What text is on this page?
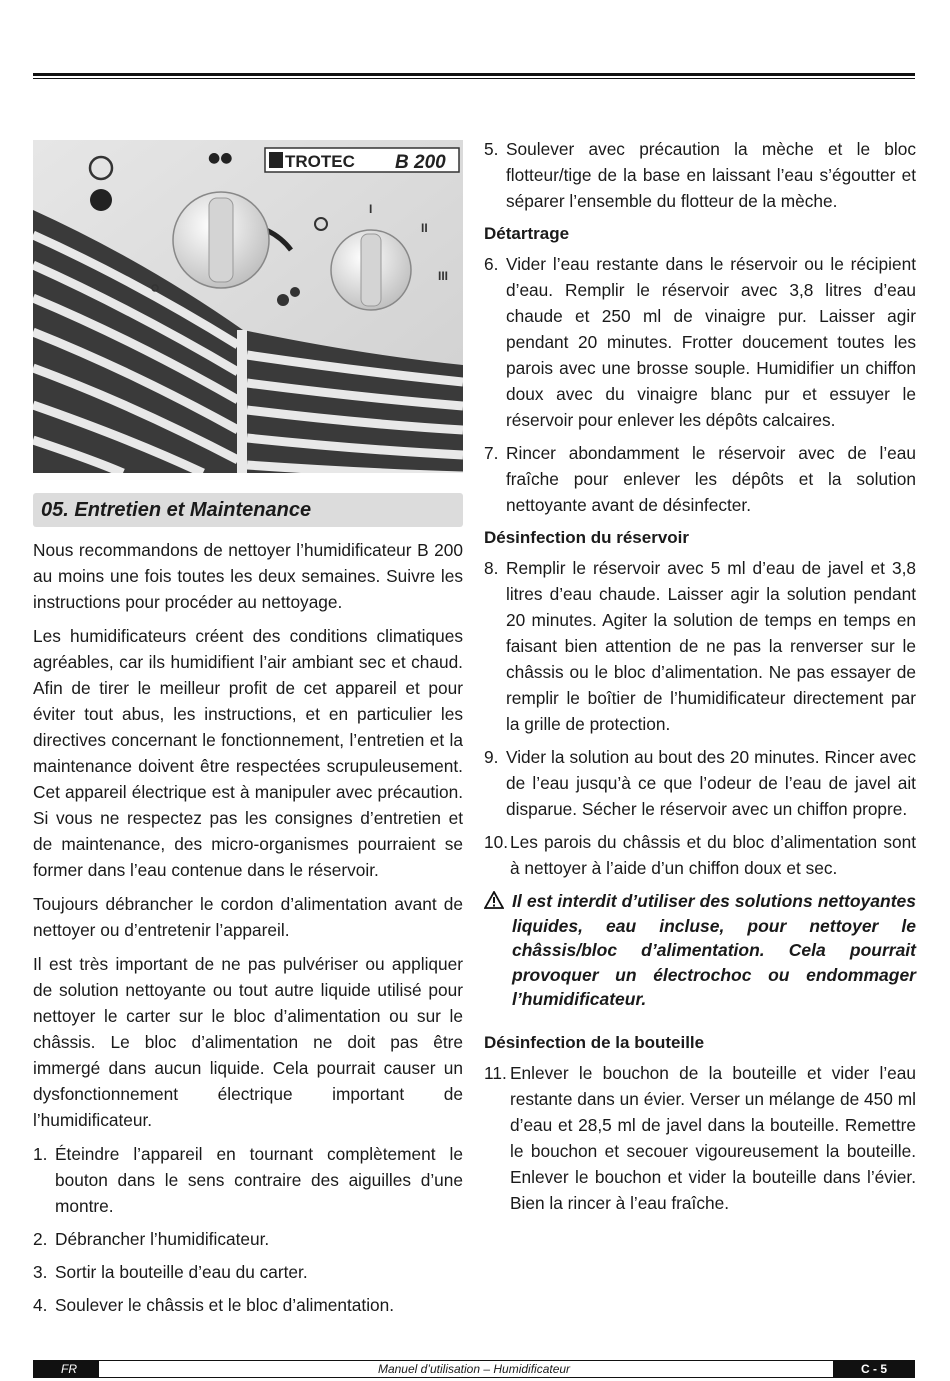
●●	TROTEC B 200
I
II
III
05. Entretien et Maintenance

Nous recommandons de nettoyer l’humidificateur B 200 au moins une fois toutes les deux semaines. Suivre les instructions pour procéder au nettoyage.

Les humidificateurs créent des conditions climatiques agréables, car ils humidifient l’air ambiant sec et chaud. Afin de tirer le meilleur profit de cet appareil et pour éviter tout abus, les instructions, et en particulier les directives concernant le fonctionnement, l’entretien et la maintenance doivent être respectées scrupuleusement. Cet appareil électrique est à manipuler avec précaution. Si vous ne respectez pas les consignes d’entretien et de maintenance, des micro-organismes pourraient se former dans l’eau contenue dans le réservoir.

Toujours débrancher le cordon d’alimentation avant de nettoyer ou d’entretenir l’appareil.

Il est très important de ne pas pulvériser ou appliquer de solution nettoyante ou tout autre liquide utilisé pour nettoyer le carter sur le bloc d’alimentation ou sur le châssis. Le bloc d’alimentation ne doit pas être immergé dans aucun liquide. Cela pourrait causer un dysfonctionnement électrique important de l’humidificateur.

1. Éteindre l’appareil en tournant complètement le bouton dans le sens contraire des aiguilles d’une montre.
2. Débrancher l’humidificateur.
3. Sortir la bouteille d’eau du carter.
4. Soulever le châssis et le bloc d’alimentation.
5. Soulever avec précaution la mèche et le bloc flotteur/tige de la base en laissant l’eau s’égoutter et séparer l’ensemble du flotteur de la mèche.
Détartrage
6. Vider l’eau restante dans le réservoir ou le récipient d’eau. Remplir le réservoir avec 3,8 litres d’eau chaude et 250 ml de vinaigre pur. Laisser agir pendant 20 minutes. Frotter doucement toutes les parois avec une brosse souple. Humidifier un chiffon doux avec du vinaigre blanc pur et essuyer le réservoir pour enlever les dépôts calcaires.
7. Rincer abondamment le réservoir avec de l’eau fraîche pour enlever les dépôts et la solution nettoyante avant de désinfecter.
Désinfection du réservoir
8. Remplir le réservoir avec 5 ml d’eau de javel et 3,8 litres d’eau chaude. Laisser agir la solution pendant 20 minutes. Agiter la solution de temps en temps en faisant bien attention de ne pas la renverser sur le châssis ou le bloc d’alimentation. Ne pas essayer de remplir le boîtier de l’humidificateur directement par la grille de protection.
9. Vider la solution au bout des 20 minutes. Rincer avec de l’eau jusqu’à ce que l’odeur de l’eau de javel ait disparue. Sécher le réservoir avec un chiffon propre.
10. Les parois du châssis et du bloc d’alimentation sont à nettoyer à l’aide d’un chiffon doux et sec.
Il est interdit d’utiliser des solutions nettoyantes liquides, eau incluse, pour nettoyer le châssis/bloc d’alimentation. Cela pourrait provoquer un électrochoc ou endommager l’humidificateur.
Désinfection de la bouteille
11. Enlever le bouchon de la bouteille et vider l’eau restante dans un évier. Verser un mélange de 450 ml d’eau et 28,5 ml de javel dans la bouteille. Remettre le bouchon et secouer vigoureusement la bouteille. Enlever le bouchon et vider la bouteille dans l’évier. Bien la rincer à l’eau fraîche.
Manuel d’utilisation – Humidificateur
FR	C - 5
